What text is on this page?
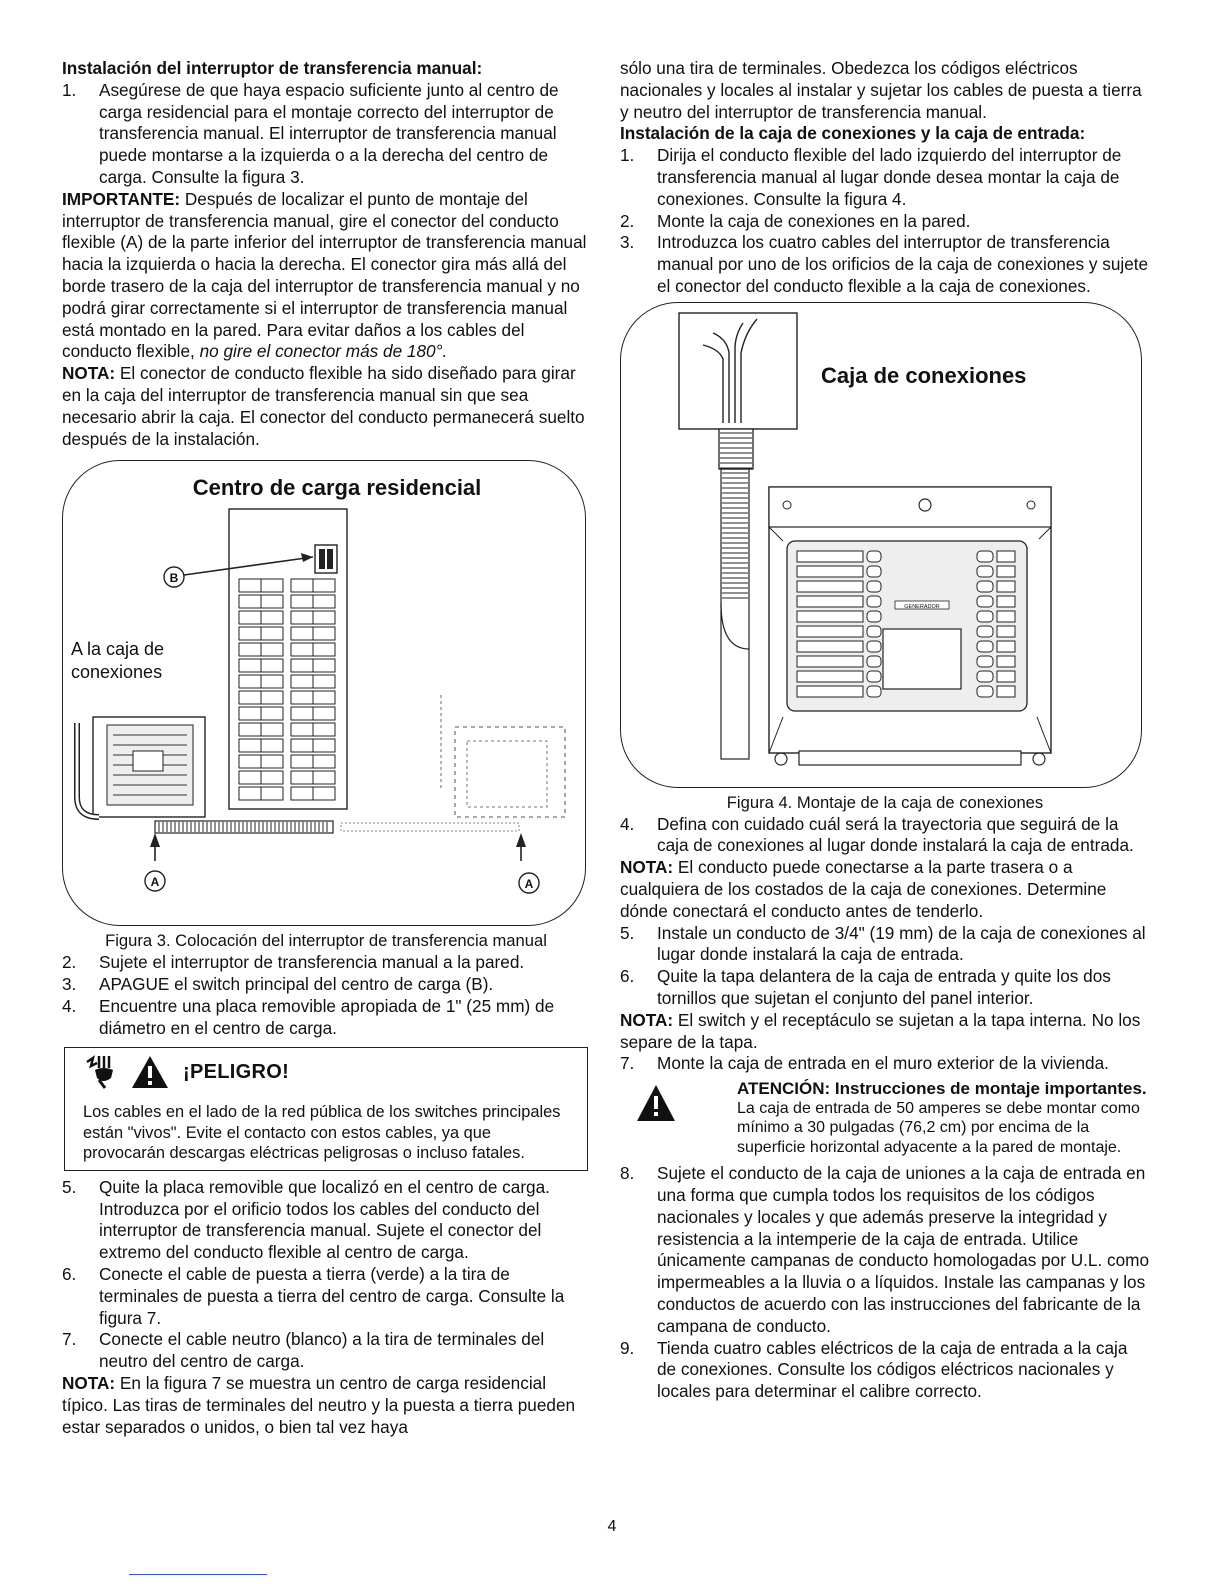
Instalación del interruptor de transferencia manual:

1. Asegúrese de que haya espacio suficiente junto al centro de carga residencial para el montaje correcto del interruptor de transferencia manual. El interruptor de transferencia manual puede montarse a la izquierda o a la derecha del centro de carga. Consulte la figura 3.

IMPORTANTE: Después de localizar el punto de montaje del interruptor de transferencia manual, gire el conector del conducto flexible (A) de la parte inferior del interruptor de transferencia manual hacia la izquierda o hacia la derecha. El conector gira más allá del borde trasero de la caja del interruptor de transferencia manual y no podrá girar correctamente si el interruptor de transferencia manual está montado en la pared. Para evitar daños a los cables del conducto flexible, no gire el conector más de 180°.

NOTA: El conector de conducto flexible ha sido diseñado para girar en la caja del interruptor de transferencia manual sin que sea necesario abrir la caja. El conector del conducto permanecerá suelto después de la instalación.

Centro de carga residencial
B
A la caja de
conexiones
A	A

Figura 3. Colocación del interruptor de transferencia manual

2. Sujete el interruptor de transferencia manual a la pared.
3. APAGUE el switch principal del centro de carga (B).
4. Encuentre una placa removible apropiada de 1" (25 mm) de diámetro en el centro de carga.
¡PELIGRO!

Los cables en el lado de la red pública de los switches principales están "vivos". Evite el contacto con estos cables, ya que provocarán descargas eléctricas peligrosas o incluso fatales.

5. Quite la placa removible que localizó en el centro de carga. Introduzca por el orificio todos los cables del conducto del interruptor de transferencia manual. Sujete el conector del extremo del conducto flexible al centro de carga.
6. Conecte el cable de puesta a tierra (verde) a la tira de terminales de puesta a tierra del centro de carga. Consulte la figura 7.
7. Conecte el cable neutro (blanco) a la tira de terminales del neutro del centro de carga.

NOTA: En la figura 7 se muestra un centro de carga residencial típico. Las tiras de terminales del neutro y la puesta a tierra pueden estar separados o unidos, o bien tal vez haya

sólo una tira de terminales. Obedezca los códigos eléctricos nacionales y locales al instalar y sujetar los cables de puesta a tierra y neutro del interruptor de transferencia manual.

Instalación de la caja de conexiones y la caja de entrada:

1. Dirija el conducto flexible del lado izquierdo del interruptor de transferencia manual al lugar donde desea montar la caja de conexiones. Consulte la figura 4.
2. Monte la caja de conexiones en la pared.
3. Introduzca los cuatro cables del interruptor de transferencia manual por uno de los orificios de la caja de conexiones y sujete el conector del conducto flexible a la caja de conexiones.
Caja de conexiones
GENERADOR

Figura 4. Montaje de la caja de conexiones

4. Defina con cuidado cuál será la trayectoria que seguirá de la caja de conexiones al lugar donde instalará la caja de entrada.

NOTA: El conducto puede conectarse a la parte trasera o a cualquiera de los costados de la caja de conexiones. Determine dónde conectará el conducto antes de tenderlo.

5. Instale un conducto de 3/4" (19 mm) de la caja de conexiones al lugar donde instalará la caja de entrada.
6. Quite la tapa delantera de la caja de entrada y quite los dos tornillos que sujetan el conjunto del panel interior.

NOTA: El switch y el receptáculo se sujetan a la tapa interna. No los separe de la tapa.

7. Monte la caja de entrada en el muro exterior de la vivienda.
ATENCIÓN: Instrucciones de montaje importantes.
La caja de entrada de 50 amperes se debe montar como mínimo a 30 pulgadas (76,2 cm) por encima de la superficie horizontal adyacente a la pared de montaje.
8. Sujete el conducto de la caja de uniones a la caja de entrada en una forma que cumpla todos los requisitos de los códigos nacionales y locales y que además preserve la integridad y resistencia a la intemperie de la caja de entrada. Utilice únicamente campanas de conducto homologadas por U.L. como impermeables a la lluvia o a líquidos. Instale las campanas y los conductos de acuerdo con las instrucciones del fabricante de la campana de conducto.
9. Tienda cuatro cables eléctricos de la caja de entrada a la caja de conexiones. Consulte los códigos eléctricos nacionales y locales para determinar el calibre correcto.
4
